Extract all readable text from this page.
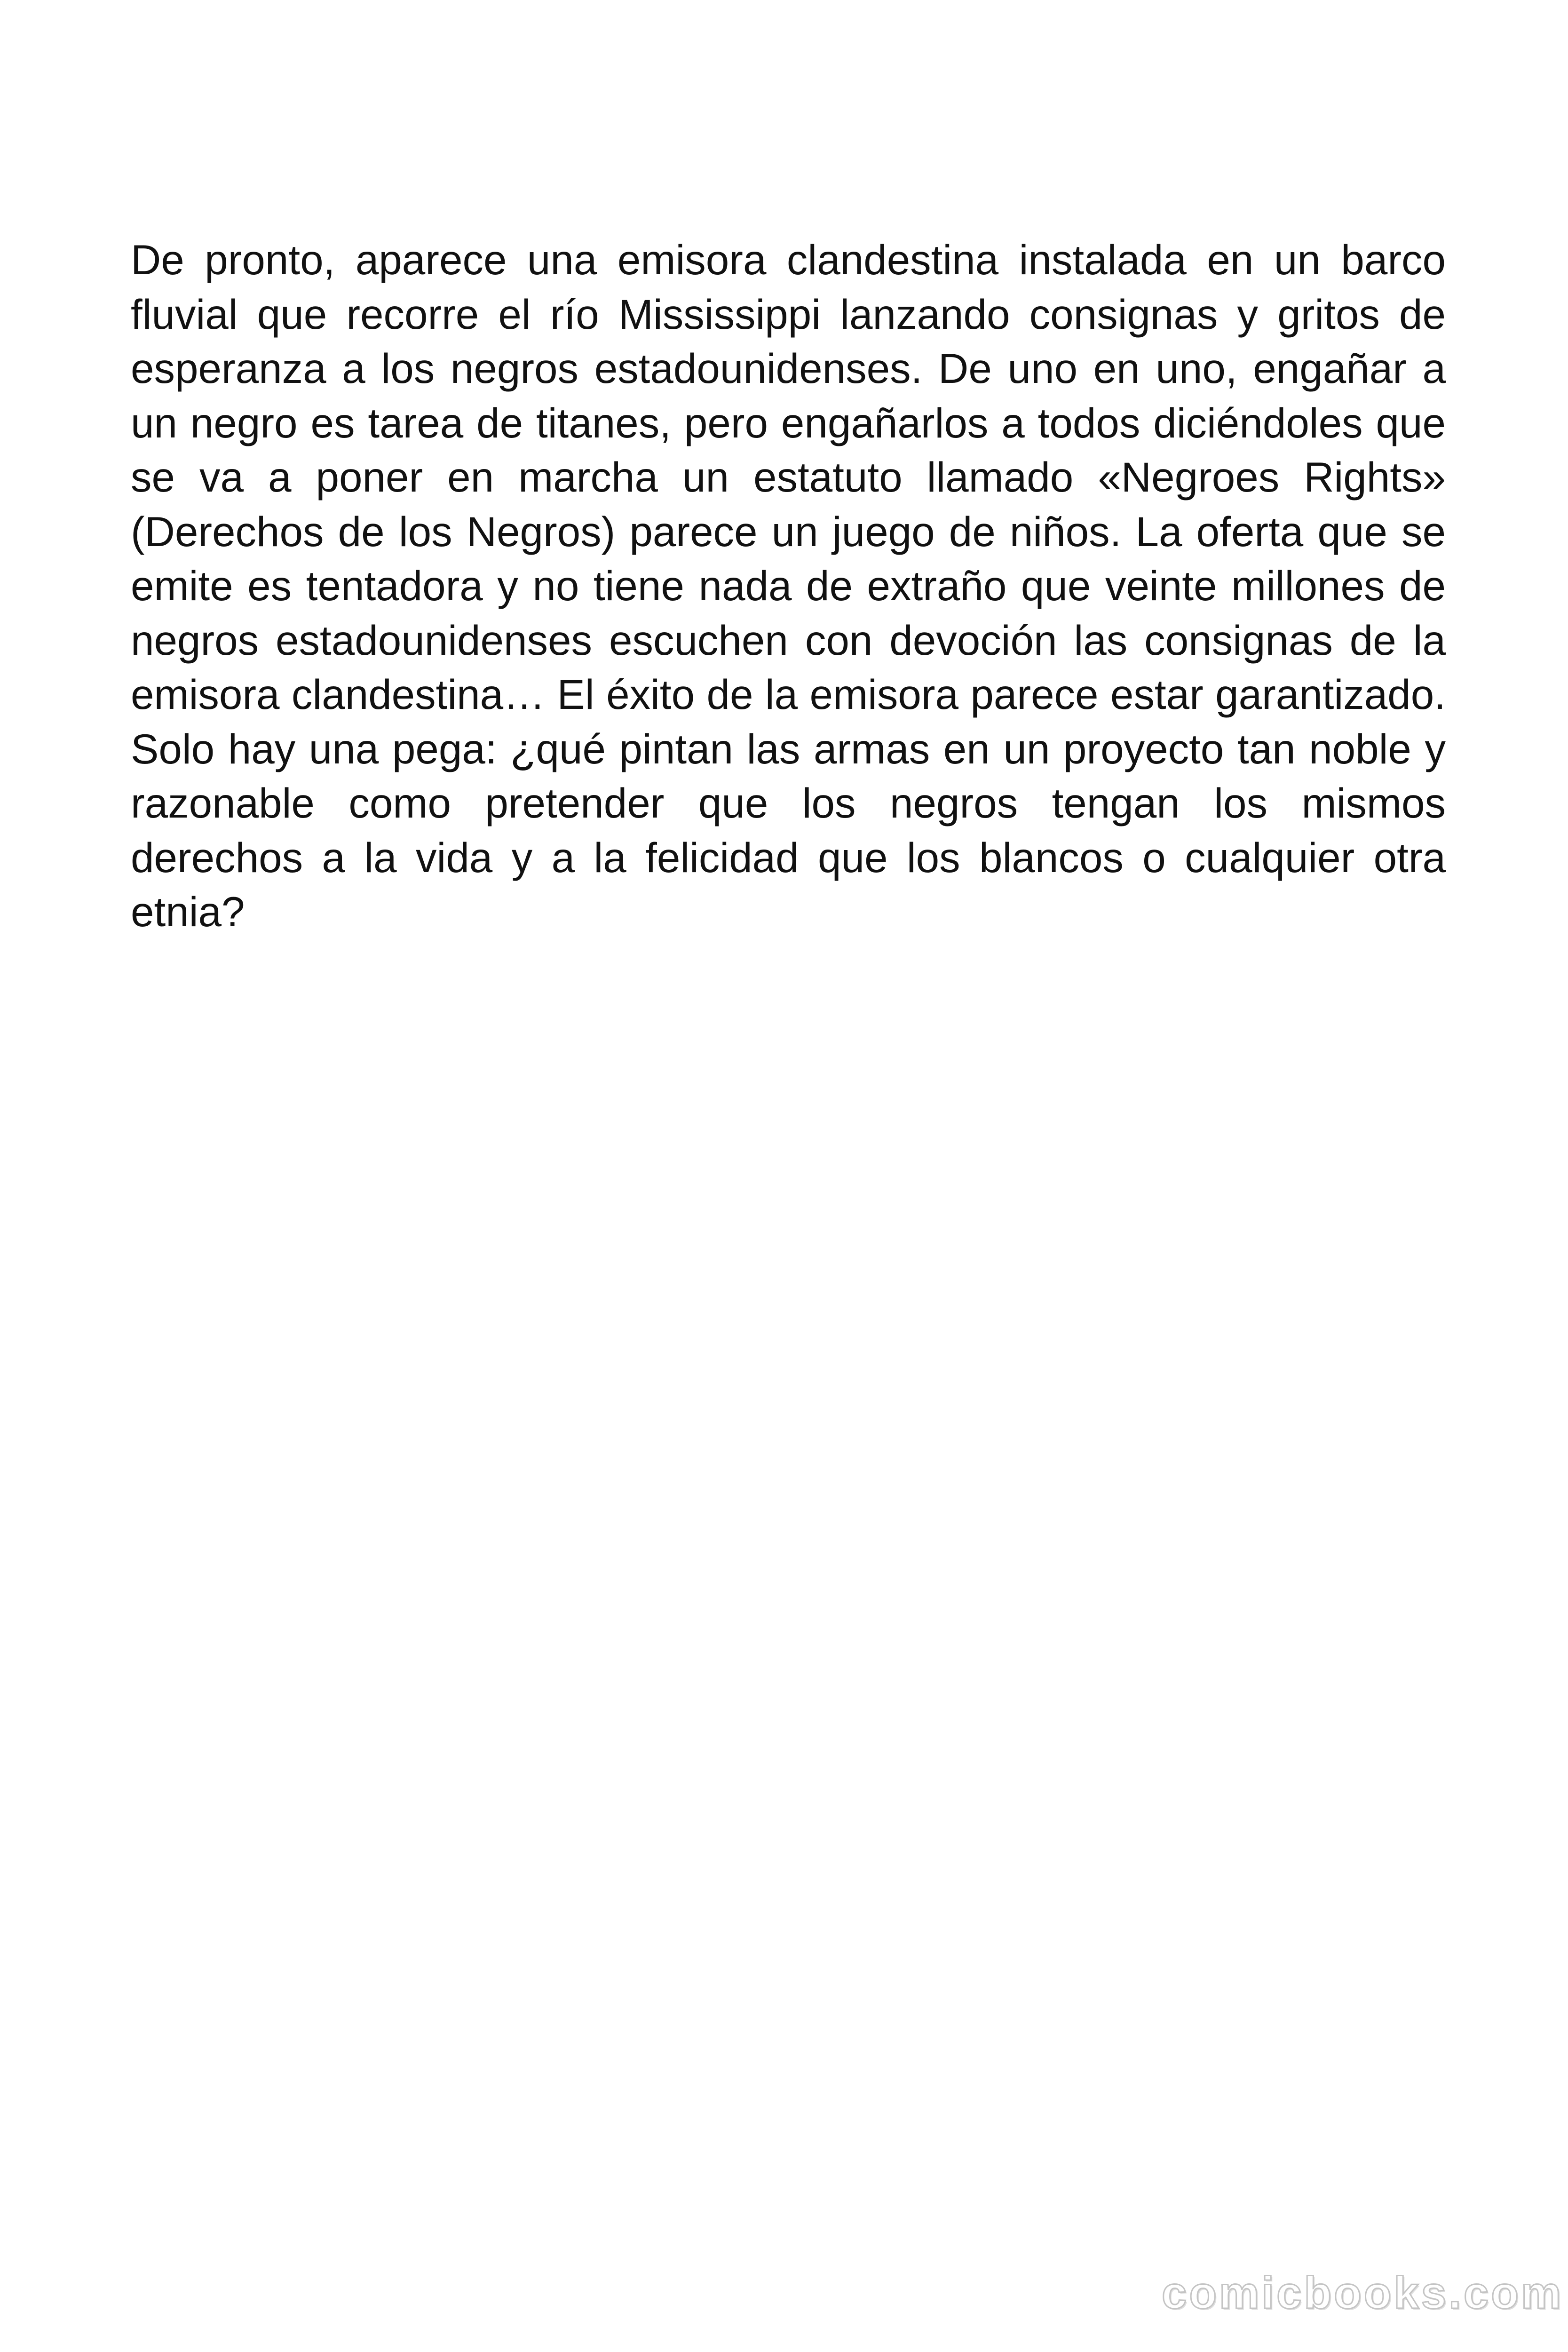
De pronto, aparece una emisora clandestina instalada en un barco fluvial que recorre el río Mississippi lanzando consignas y gritos de esperanza a los negros estadounidenses. De uno en uno, engañar a un negro es tarea de titanes, pero engañarlos a todos diciéndoles que se va a poner en marcha un estatuto llamado «Negroes Rights» (Derechos de los Negros) parece un juego de niños. La oferta que se emite es tentadora y no tiene nada de extraño que veinte millones de negros estadounidenses escuchen con devoción las consignas de la emisora clandestina… El éxito de la emisora parece estar garantizado. Solo hay una pega: ¿qué pintan las armas en un proyecto tan noble y razonable como pretender que los negros tengan los mismos derechos a la vida y a la felicidad que los blancos o cualquier otra etnia?

comicbooks.com
